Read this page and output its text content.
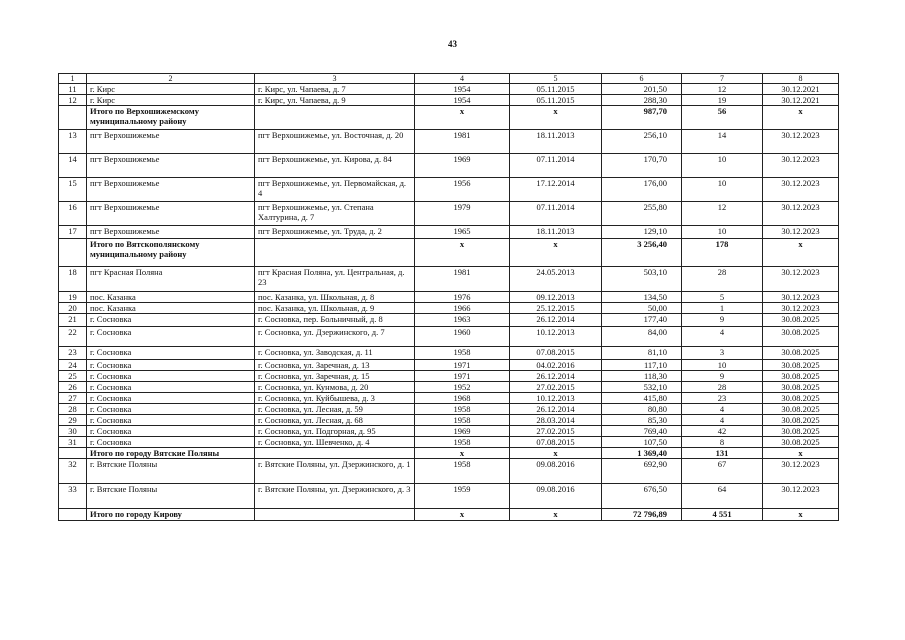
43
1	2	3	4	5	6	7	8
11	г. Кирс	г. Кирс, ул. Чапаева, д. 7	1954	05.11.2015	201,50	12	30.12.2021
12	г. Кирс	г. Кирс, ул. Чапаева, д. 9	1954	05.11.2015	288,30	19	30.12.2021
	Итого по Верхошижемскому муниципальному району		х	х	987,70	56	х
13	пгт Верхошижемье	пгт Верхошижемье, ул. Восточная, д. 20	1981	18.11.2013	256,10	14	30.12.2023
14	пгт Верхошижемье	пгт Верхошижемье, ул. Кирова, д. 84	1969	07.11.2014	170,70	10	30.12.2023
15	пгт Верхошижемье	пгт Верхошижемье, ул. Первомайская, д. 4	1956	17.12.2014	176,00	10	30.12.2023
16	пгт Верхошижемье	пгт Верхошижемье, ул. Степана Халтурина, д. 7	1979	07.11.2014	255,80	12	30.12.2023
17	пгт Верхошижемье	пгт Верхошижемье, ул. Труда, д. 2	1965	18.11.2013	129,10	10	30.12.2023
	Итого по Вятскополянскому муниципальному району		х	х	3 256,40	178	х
18	пгт Красная Поляна	пгт Красная Поляна, ул. Центральная, д. 23	1981	24.05.2013	503,10	28	30.12.2023
19	пос. Казанка	пос. Казанка, ул. Школьная, д. 8	1976	09.12.2013	134,50	5	30.12.2023
20	пос. Казанка	пос. Казанка, ул. Школьная, д. 9	1966	25.12.2015	50,00	1	30.12.2023
21	г. Сосновка	г. Сосновка, пер. Больничный, д. 8	1963	26.12.2014	177,40	9	30.08.2025
22	г. Сосновка	г. Сосновка, ул. Дзержинского, д. 7	1960	10.12.2013	84,00	4	30.08.2025
23	г. Сосновка	г. Сосновка, ул. Заводская, д. 11	1958	07.08.2015	81,10	3	30.08.2025
24	г. Сосновка	г. Сосновка, ул. Заречная, д. 13	1971	04.02.2016	117,10	10	30.08.2025
25	г. Сосновка	г. Сосновка, ул. Заречная, д. 15	1971	26.12.2014	118,30	9	30.08.2025
26	г. Сосновка	г. Сосновка, ул. Кунмова, д. 20	1952	27.02.2015	532,10	28	30.08.2025
27	г. Сосновка	г. Сосновка, ул. Куйбышева, д. 3	1968	10.12.2013	415,80	23	30.08.2025
28	г. Сосновка	г. Сосновка, ул. Лесная, д. 59	1958	26.12.2014	80,80	4	30.08.2025
29	г. Сосновка	г. Сосновка, ул. Лесная, д. 68	1958	28.03.2014	85,30	4	30.08.2025
30	г. Сосновка	г. Сосновка, ул. Подгорная, д. 95	1969	27.02.2015	769,40	42	30.08.2025
31	г. Сосновка	г. Сосновка, ул. Шевченко, д. 4	1958	07.08.2015	107,50	8	30.08.2025
	Итого по городу Вятские Поляны		х	х	1 369,40	131	х
32	г. Вятские Поляны	г. Вятские Поляны, ул. Дзержинского, д. 1	1958	09.08.2016	692,90	67	30.12.2023
33	г. Вятские Поляны	г. Вятские Поляны, ул. Дзержинского, д. 3	1959	09.08.2016	676,50	64	30.12.2023
	Итого по городу Кирову		х	х	72 796,89	4 551	х
